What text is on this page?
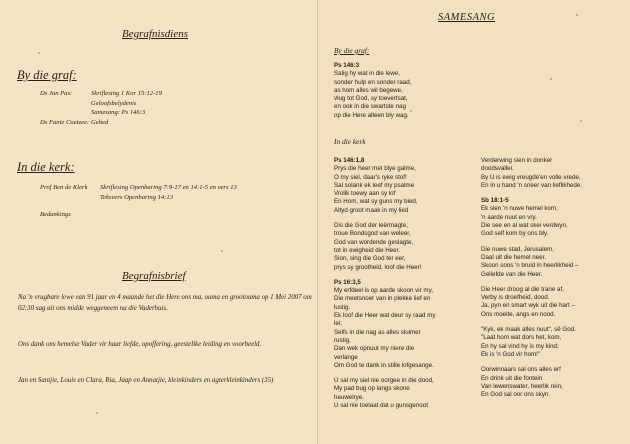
Begrafnisdiens
By die graf:
Ds Jan Pas:	Skriflesing 1 Kor 15:12-19
Geloofsbelydenis
Samesang: Ps 146:3
Ds Fanie Coetzee: Gebed
In die kerk:
Prof Ben de Klerk Skriflesing Openbaring 7:9-17 en 14:1-5 en vers 13
Teksvers Openbaring 14:13
Bedankings
Begrafnisbrief
Na 'n vrugbare lewe van 91 jaar en 4 maande het die Here ons ma, ouma en grootouma op 1 Mei 2007 om 02:30 sag uit ons midde weggeneem na die Vaderhuis.
Ons dank ons hemelse Vader vir haar liefde, opoffering, geestelike leiding en voorbeeld.
Jan en Santjie, Louis en Clara, Ria, Jaap en Annatjie, kleinkinders en agterkleinkinders (35)
SAMESANG
By die graf:
Ps 146:3
Salig hy wat in die lewe,
sonder hulp en sonder raad,
as hom alles wil begewe,
vlug tot God, sy toevertsat,
en ook in die swartste nag
op die Here alleen bly wag.
In die kerk
Ps 146:1,8
Prys die heer met blye galme,
O my siel, daar's ryke stof!
Sal solank ek leef my psalme
Vrolik toewy aan sy lof
En Hom, wat sy guns my bied,
Altyd groot maak in my lied
Dis die God der leërmagte,
troue Bondsgod van weleer,
God van wordende geslagte,
tot in ewigheid die Heer.
Sion, sing die God ter eer,
prys sy grootheid, loof die Heer!
Ps 16:3,5
My erfdeel is op aarde skoon vir my,
Die meetsnoer van in plekke lief en
lustig.
Ek loof die Heer wat deur sy raad my
lei;
Selfs in die nag as alles sluimer
rustig,
Dan wek opnuut my niere die
verlange
Om God te dank in stille lofgesange.
U sal my siel nie oorgee in die dood,
My pad bug op langs skone
heuwelrye.
U sal nie toelaat dat u gunsgenoot
Verderwing sien in donker
doodsvallei.
By U is ewig vreugde'en volle vrede,
En in u hand 'n sneer van lieflikhede.
Sb 18:1-5
Ek sien 'n nuwe hemel kom,
'n aarde nuut en vry.
Die see en al wat skei verdwyn.
God self kom by ons bly.
Die nuwe stad, Jerusalem,
Daal uit die hemel neer.
Skoon soos 'n bruid in heerlikheid –
Geliefde van die Heer.
Die Heer droog al die trane af,
Verby is droefheid, dood.
Ja, pyn en smart wyk uit die hart –
Ons moeite, angs en nood.
"Kyk, ek maak alles nuut", sê God.
"Laat hom wat dors het, kom,
En hy sal vind hy is my kind;
Ek is 'n God vir hom!"
Oorwinnaars sal ons alles erf
En drink uit die fontein
Van lewenswater, heerlik rein,
En God sal oor ons skyn.
